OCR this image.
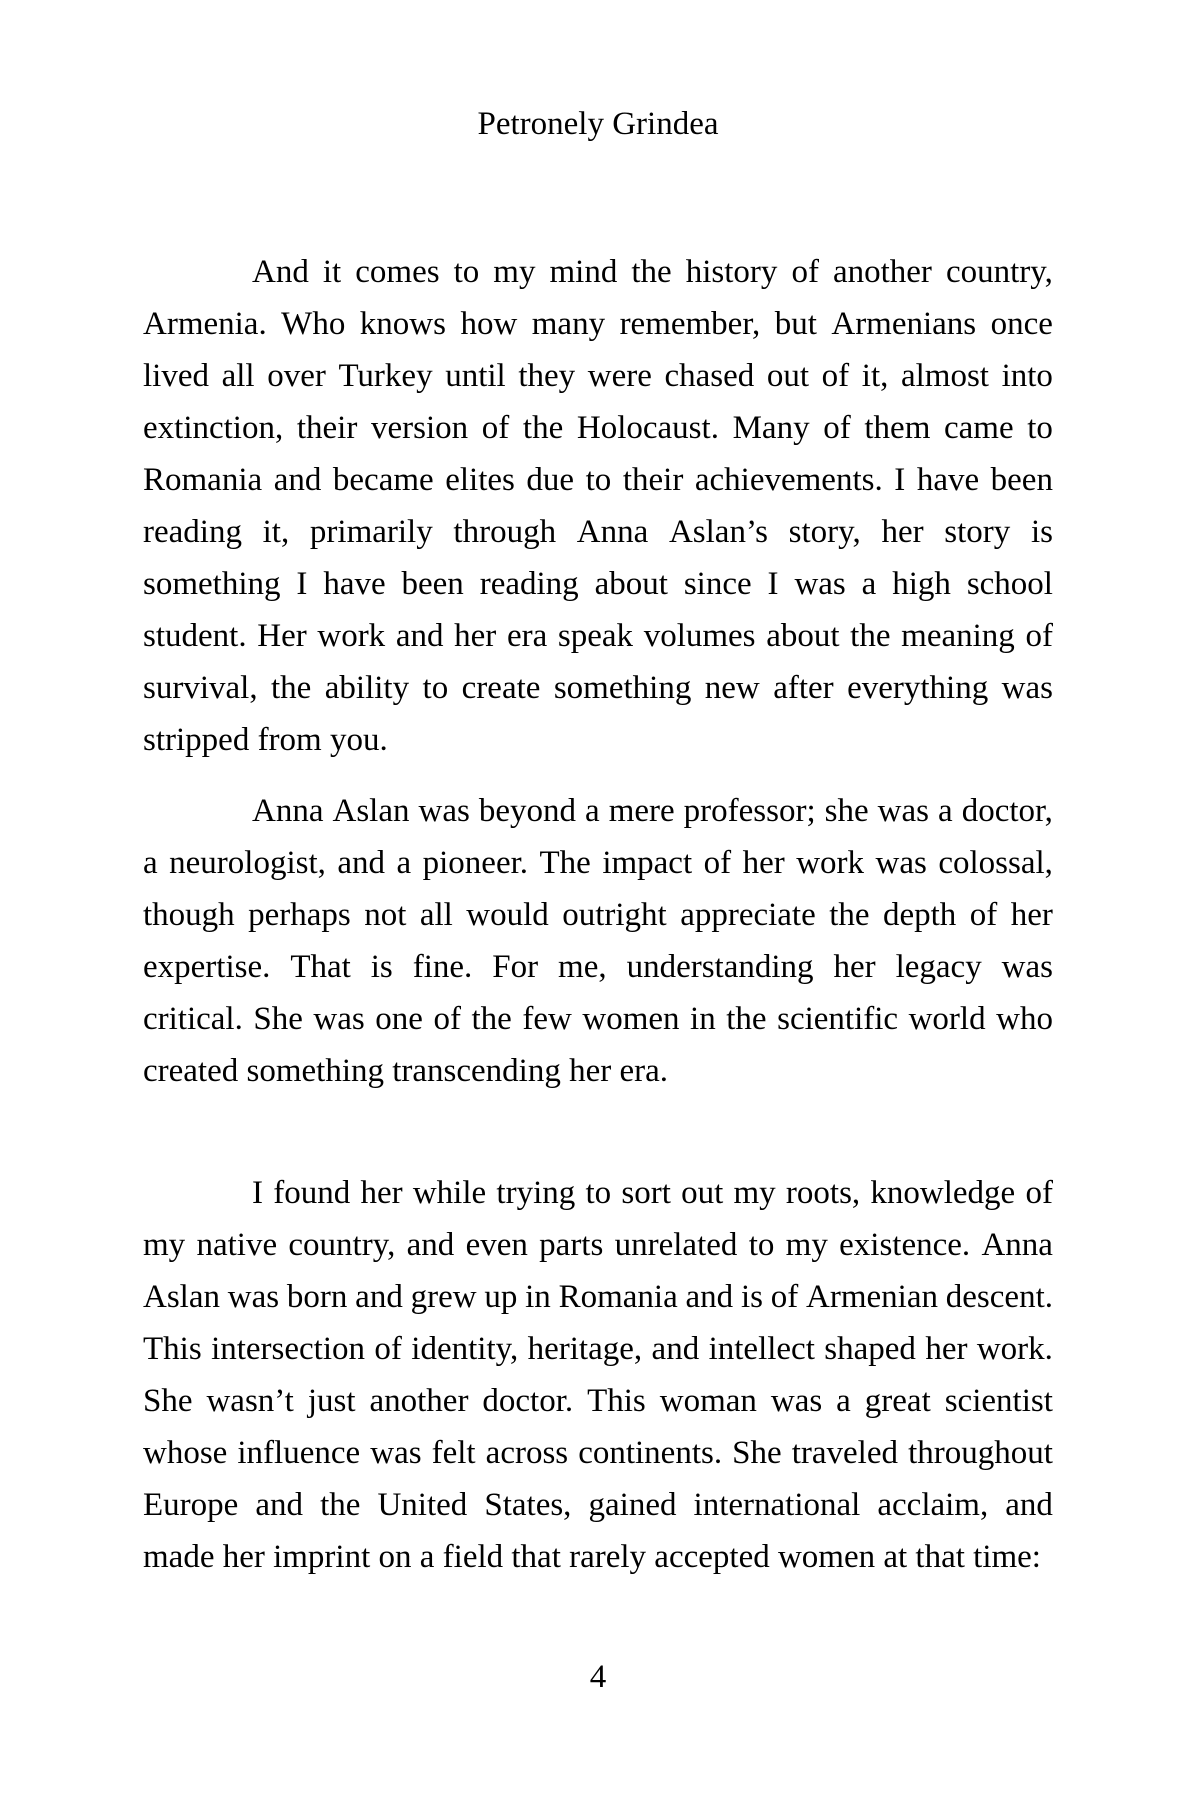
Petronely Grindea
And it comes to my mind the history of another country,
Armenia. Who knows how many remember, but Armenians once
lived all over Turkey until they were chased out of it, almost into
extinction, their version of the Holocaust. Many of them came to
Romania and became elites due to their achievements. I have been
reading it, primarily through Anna Aslan’s story, her story is
something I have been reading about since I was a high school
student. Her work and her era speak volumes about the meaning of
survival, the ability to create something new after everything was
stripped from you.
Anna Aslan was beyond a mere professor; she was a doctor,
a neurologist, and a pioneer. The impact of her work was colossal,
though perhaps not all would outright appreciate the depth of her
expertise. That is fine. For me, understanding her legacy was
critical. She was one of the few women in the scientific world who
created something transcending her era.
I found her while trying to sort out my roots, knowledge of
my native country, and even parts unrelated to my existence. Anna
Aslan was born and grew up in Romania and is of Armenian descent.
This intersection of identity, heritage, and intellect shaped her work.
She wasn’t just another doctor. This woman was a great scientist
whose influence was felt across continents. She traveled throughout
Europe and the United States, gained international acclaim, and
made her imprint on a field that rarely accepted women at that time:
4
